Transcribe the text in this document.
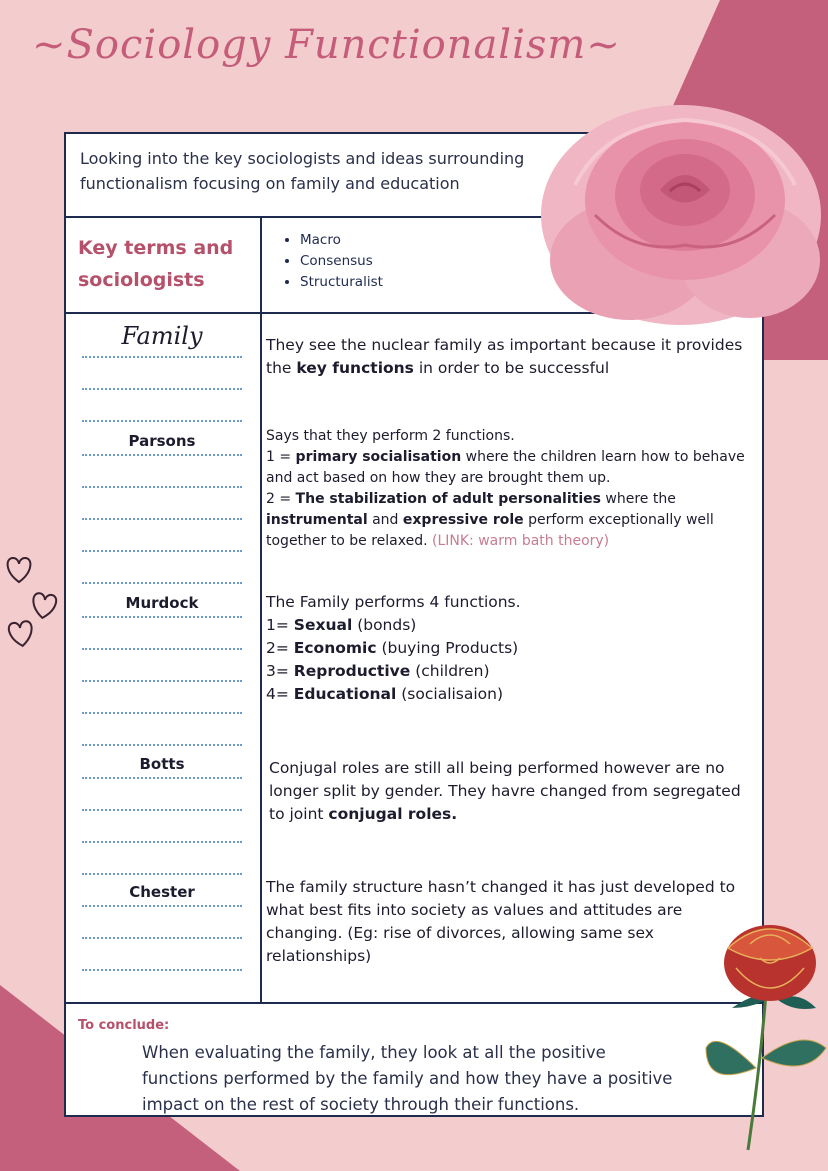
~Sociology Functionalism~

Looking into the key sociologists and ideas surrounding functionalism focusing on family and education

Key terms and
sociologists
• Macro
• Consensus
• Structuralist
Family
Parsons
Murdock
Botts
Chester
They see the nuclear family as important because it provides the key functions in order to be successful

Says that they perform 2 functions.

1 = primary socialisation where the children learn how to behave and act based on how they are brought them up.

2 = The stabilization of adult personalities where the instrumental and expressive role perform exceptionally well together to be relaxed. (LINK: warm bath theory)

The Family performs 4 functions.

1= Sexual (bonds)

2= Economic (buying Products)

3= Reproductive (children)

4= Educational (socialisaion)

Conjugal roles are still all being performed however are no longer split by gender. They havre changed from segregated to joint conjugal roles.
The family structure hasn’t changed it has just developed to what best fits into society as values and attitudes are changing. (Eg: rise of divorces, allowing same sex relationships)
To conclude:
When evaluating the family, they look at all the positive functions performed by the family and how they have a positive impact on the rest of society through their functions.
